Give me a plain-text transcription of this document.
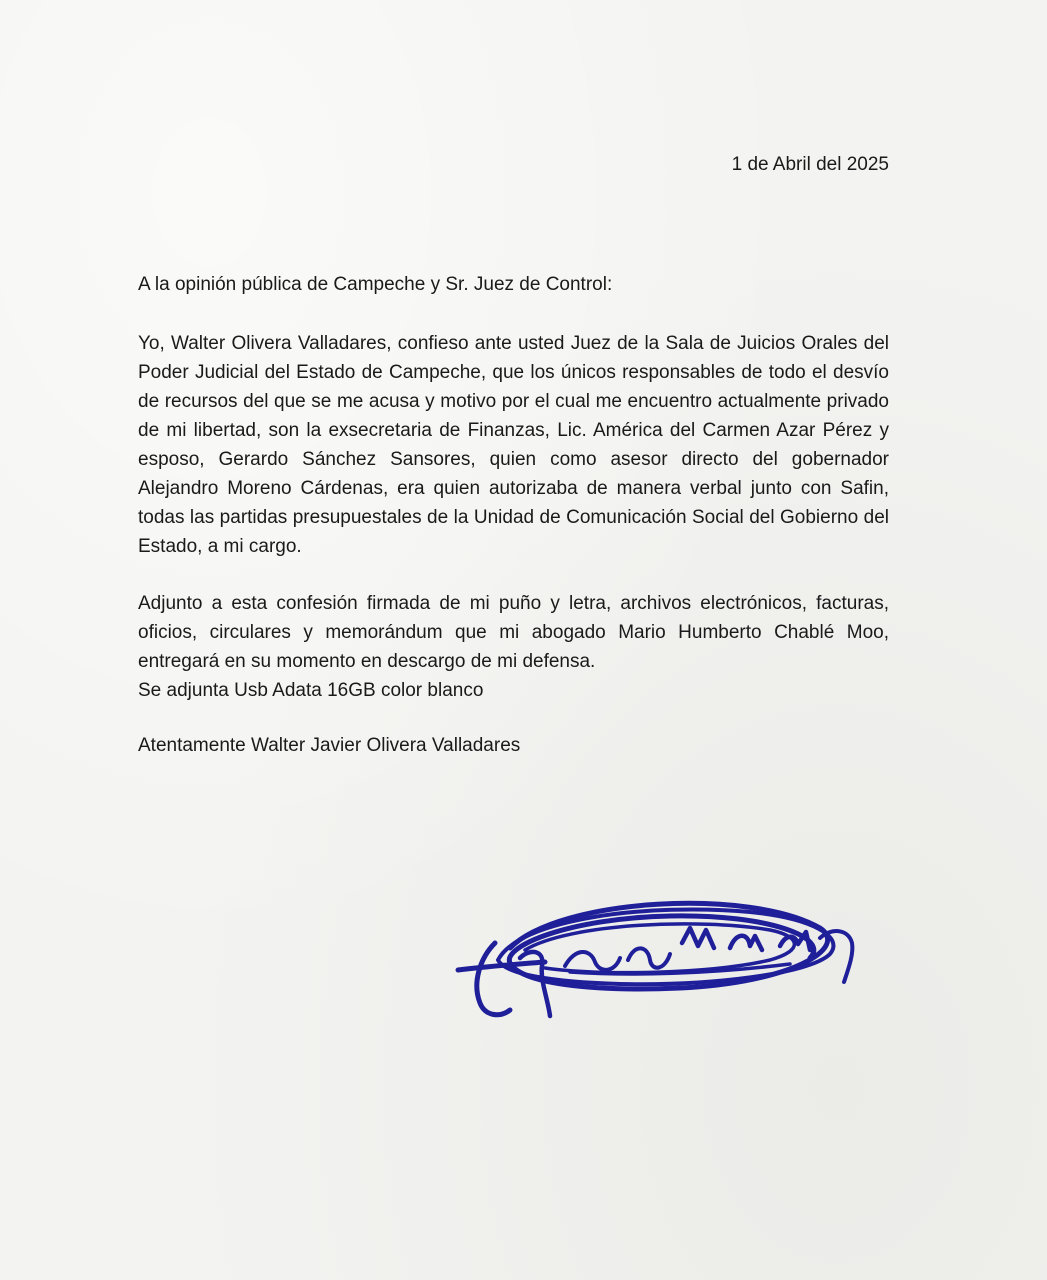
1 de Abril del 2025

A la opinión pública de Campeche y Sr. Juez de Control:

Yo, Walter Olivera Valladares, confieso ante usted Juez de la Sala de Juicios Orales del Poder Judicial del Estado de Campeche, que los únicos responsables de todo el desvío de recursos del que se me acusa y motivo por el cual me encuentro actualmente privado de mi libertad, son la exsecretaria de Finanzas, Lic. América del Carmen Azar Pérez y esposo, Gerardo Sánchez Sansores, quien como asesor directo del gobernador Alejandro Moreno Cárdenas, era quien autorizaba de manera verbal junto con Safin, todas las partidas presupuestales de la Unidad de Comunicación Social del Gobierno del Estado, a mi cargo.

Adjunto a esta confesión firmada de mi puño y letra, archivos electrónicos, facturas, oficios, circulares y memorándum que mi abogado Mario Humberto Chablé Moo, entregará en su momento en descargo de mi defensa.

Se adjunta Usb Adata 16GB color blanco

Atentamente Walter Javier Olivera Valladares
